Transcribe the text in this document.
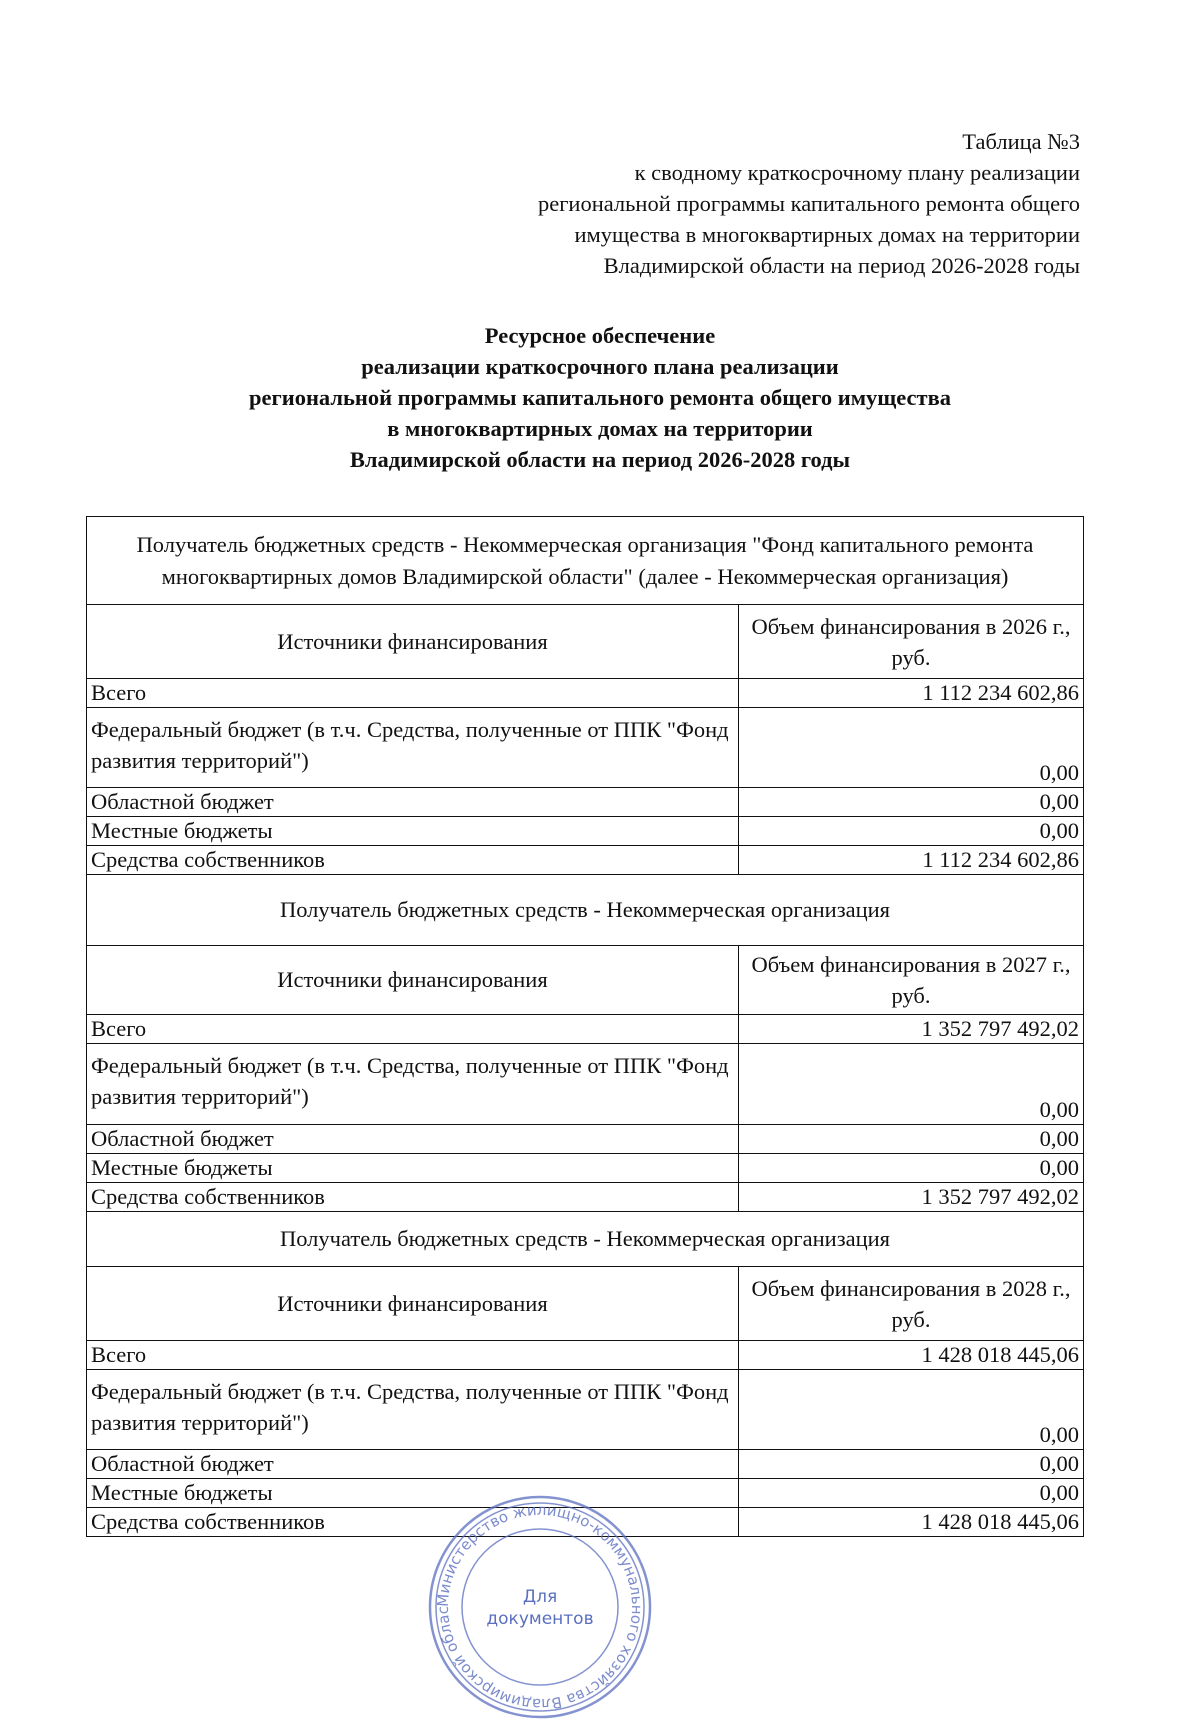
Таблица №3
к сводному краткосрочному плану реализации
региональной программы капитального ремонта общего
имущества в многоквартирных домах на территории
Владимирской области на период 2026-2028 годы
Ресурсное обеспечение
реализации краткосрочного плана реализации
региональной программы капитального ремонта общего имущества
в многоквартирных домах на территории
Владимирской области на период 2026-2028 годы
Получатель бюджетных средств - Некоммерческая организация "Фонд капитального ремонта многоквартирных домов Владимирской области" (далее - Некоммерческая организация)	
Источники финансирования	Объем финансирования в 2026 г., руб.
Всего	1 112 234 602,86
Федеральный бюджет (в т.ч. Средства, полученные от ППК "Фонд развития территорий")	0,00
Областной бюджет	0,00
Местные бюджеты	0,00
Средства собственников	1 112 234 602,86
Получатель бюджетных средств - Некоммерческая организация	
Источники финансирования	Объем финансирования в 2027 г., руб.
Всего	1 352 797 492,02
Федеральный бюджет (в т.ч. Средства, полученные от ППК "Фонд развития территорий")	0,00
Областной бюджет	0,00
Местные бюджеты	0,00
Средства собственников	1 352 797 492,02
Получатель бюджетных средств - Некоммерческая организация	
Источники финансирования	Объем финансирования в 2028 г., руб.
Всего	1 428 018 445,06
Федеральный бюджет (в т.ч. Средства, полученные от ППК "Фонд развития территорий")	0,00
Областной бюджет	0,00
Местные бюджеты	0,00
Средства собственников	1 428 018 445,06
Министерство жилищно-коммунального хозяйства Владимирской облас
Для
документов
